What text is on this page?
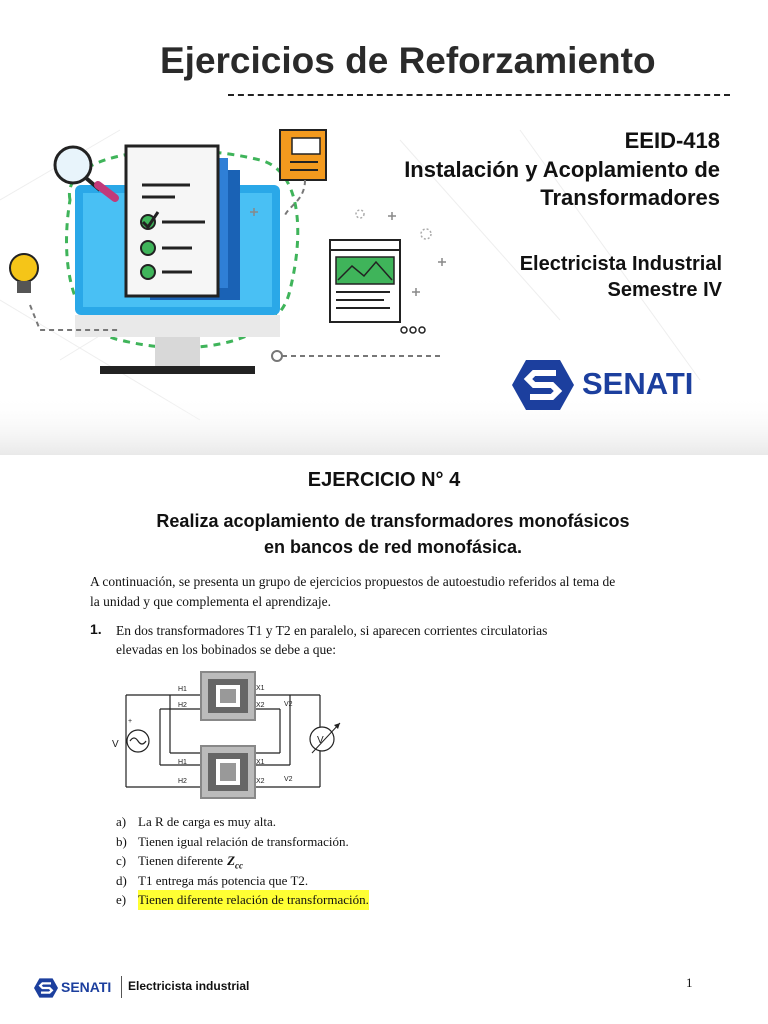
Ejercicios de Reforzamiento
EEID-418
Instalación y Acoplamiento de Transformadores
Electricista Industrial
Semestre IV
SENATI
EJERCICIO N° 4
Realiza acoplamiento de transformadores monofásicos
en bancos de red monofásica.
A continuación, se presenta un grupo de ejercicios propuestos de autoestudio referidos al tema de
la unidad y que complementa el aprendizaje.
1. En dos transformadores T1 y T2 en paralelo, si aparecen corrientes circulatorias
elevadas en los bobinados se debe a que:
H1
H2
X1
X2	V2
H1
H2
X1
X2	V2
+
V	V
a) La R de carga es muy alta.
b) Tienen igual relación de transformación.
c) Tienen diferente $Z_{cc}$
d) T1 entrega más potencia que T2.
e) Tienen diferente relación de transformación.
SENATI Electricista industrial	1
